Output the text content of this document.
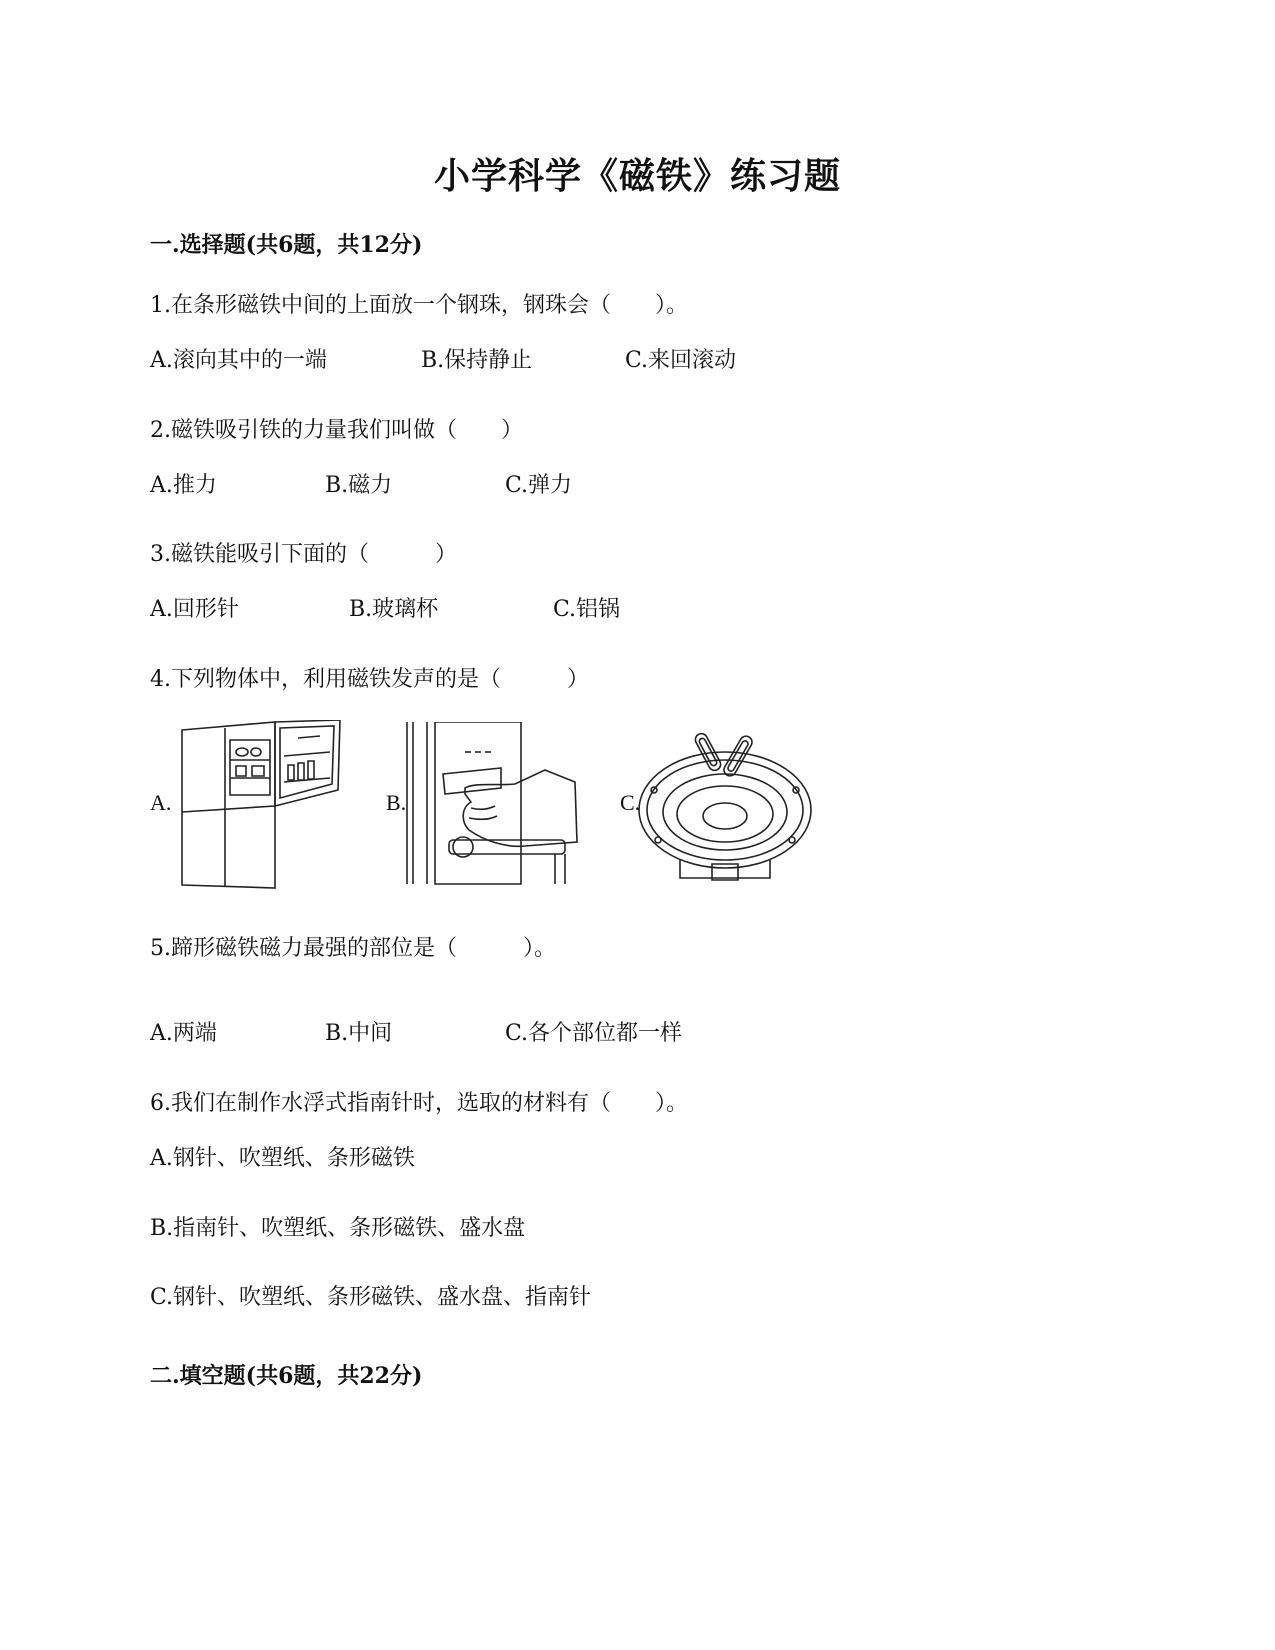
小学科学《磁铁》练习题
一.选择题(共6题，共12分)
1.在条形磁铁中间的上面放一个钢珠，钢珠会（　　）。
A.滚向其中的一端	B.保持静止	C.来回滚动
2.磁铁吸引铁的力量我们叫做（　　）
A.推力	B.磁力	C.弹力
3.磁铁能吸引下面的（　　　）
A.回形针	B.玻璃杯	C.铝锅
4.下列物体中，利用磁铁发声的是（　　　）
A.	B.	C.
5.蹄形磁铁磁力最强的部位是（　　　）。
A.两端	B.中间	C.各个部位都一样
6.我们在制作水浮式指南针时，选取的材料有（　　）。
A.钢针、吹塑纸、条形磁铁
B.指南针、吹塑纸、条形磁铁、盛水盘
C.钢针、吹塑纸、条形磁铁、盛水盘、指南针
二.填空题(共6题，共22分)
